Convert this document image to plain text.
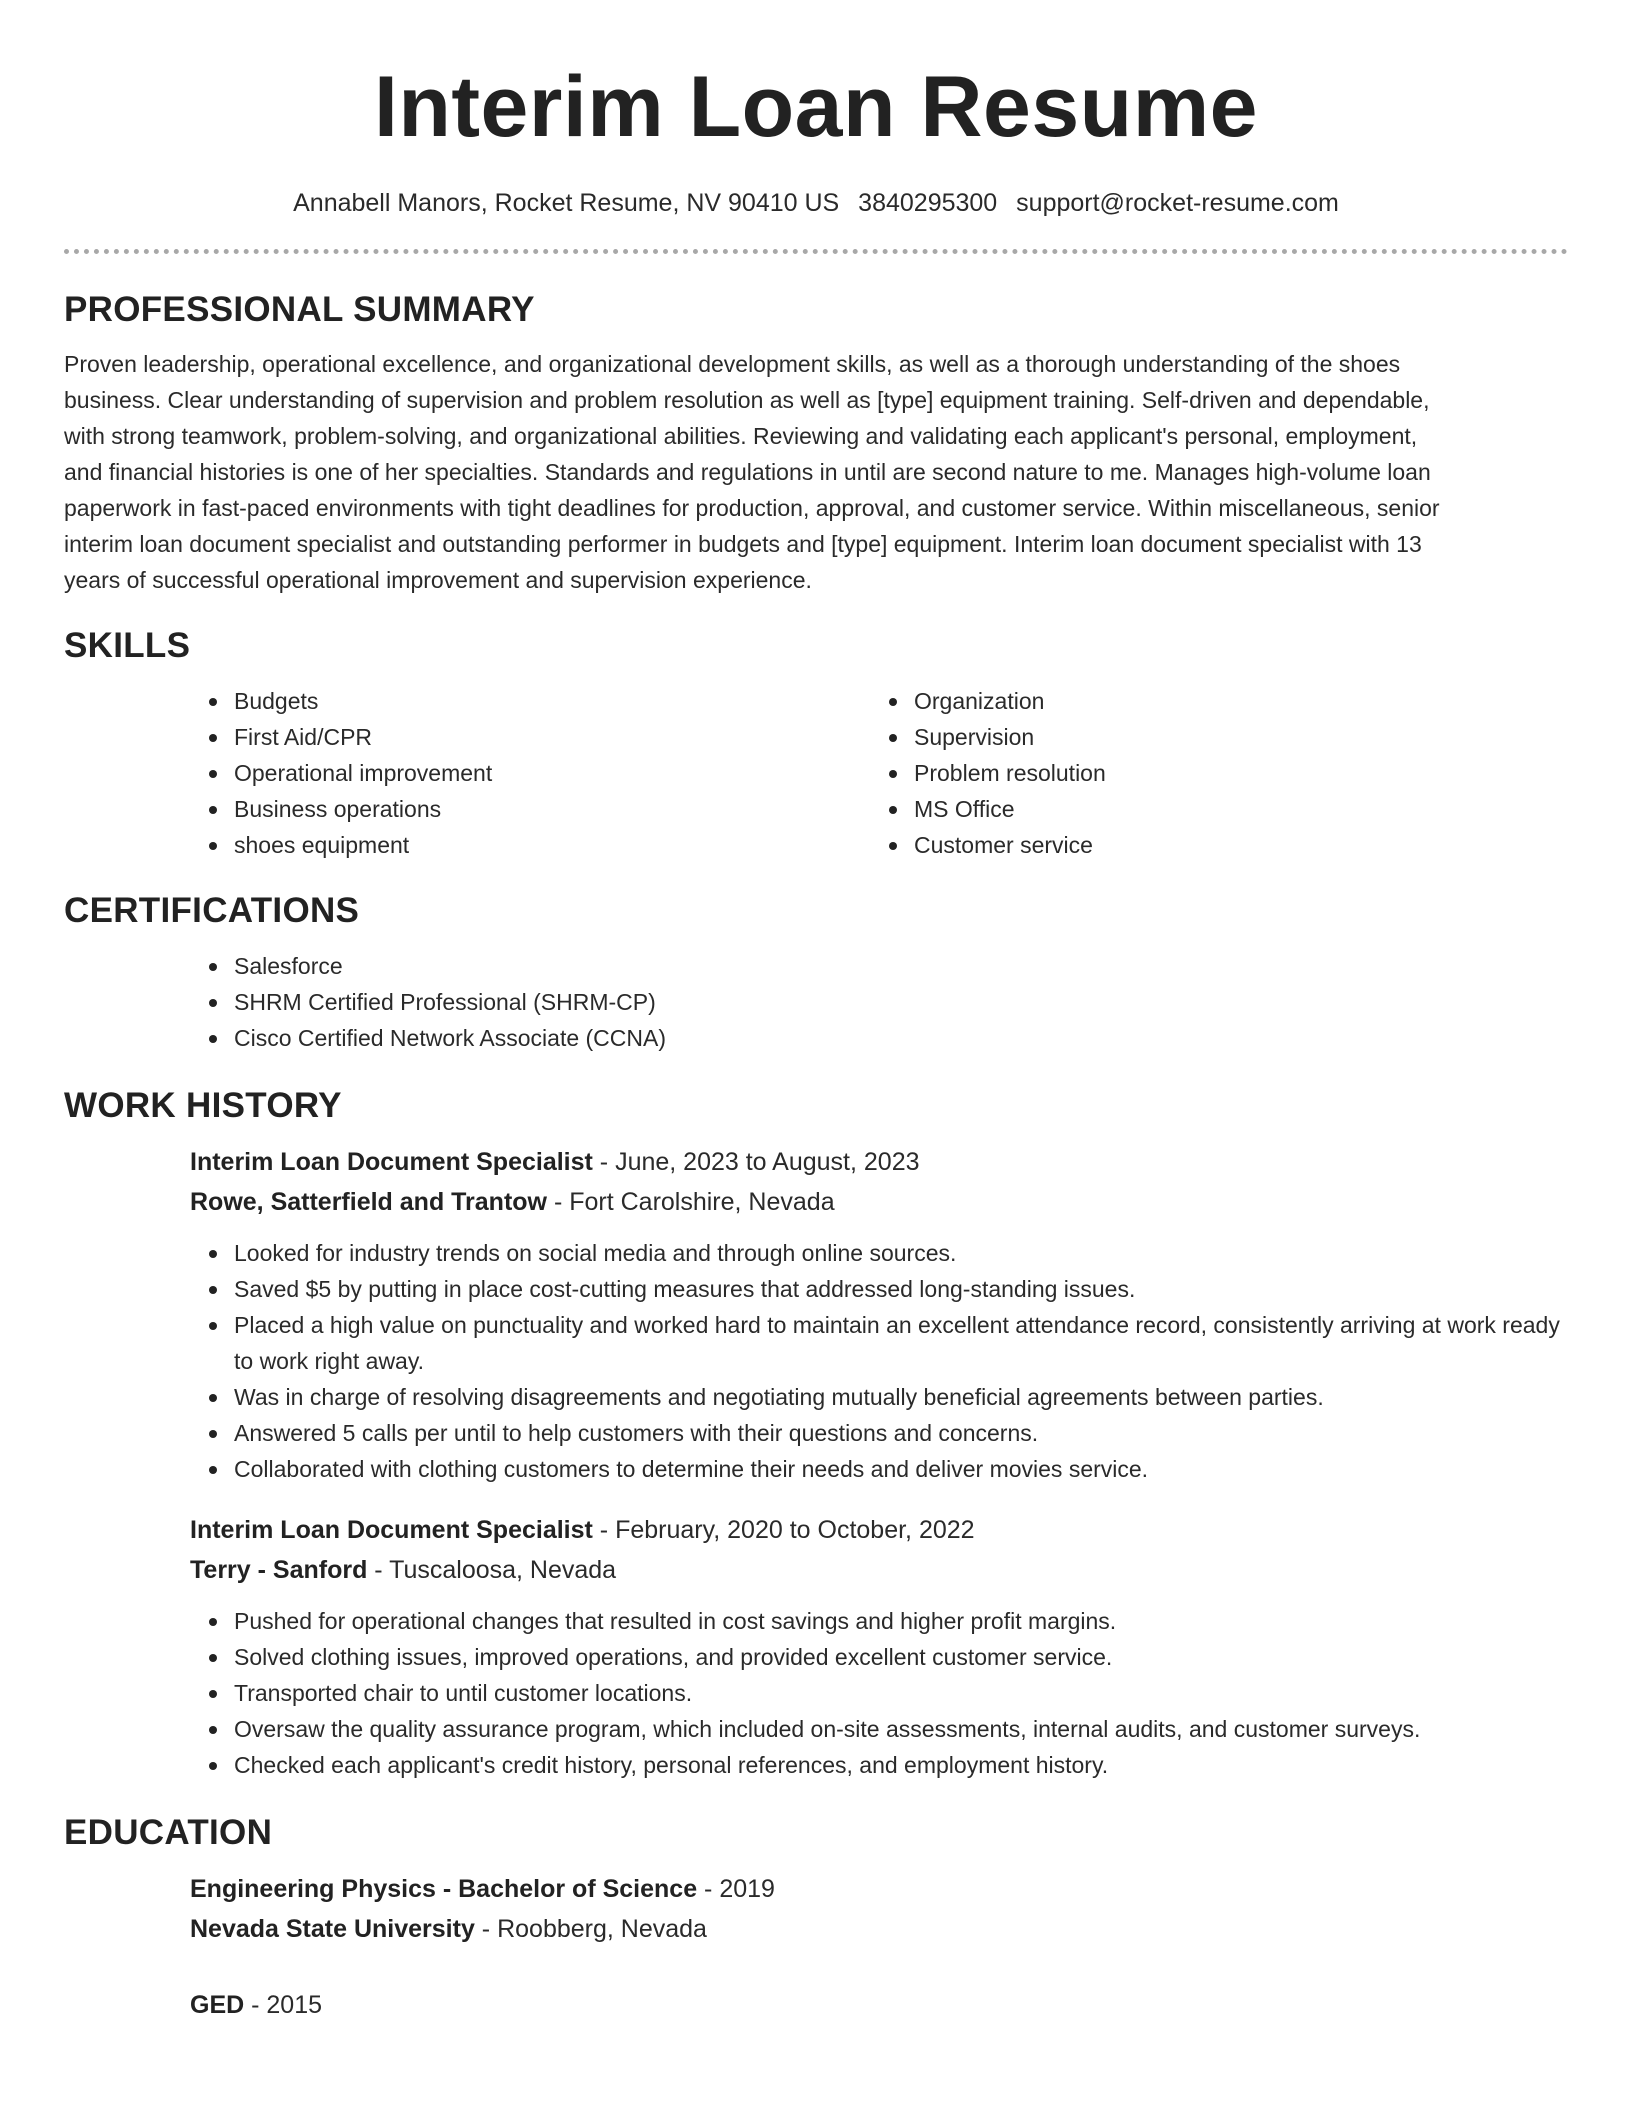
Interim Loan Resume
Annabell Manors, Rocket Resume, NV 90410 US 3840295300 support@rocket-resume.com
PROFESSIONAL SUMMARY

Proven leadership, operational excellence, and organizational development skills, as well as a thorough understanding of the shoes business. Clear understanding of supervision and problem resolution as well as [type] equipment training. Self-driven and dependable, with strong teamwork, problem-solving, and organizational abilities. Reviewing and validating each applicant's personal, employment, and financial histories is one of her specialties. Standards and regulations in until are second nature to me. Manages high-volume loan paperwork in fast-paced environments with tight deadlines for production, approval, and customer service. Within miscellaneous, senior interim loan document specialist and outstanding performer in budgets and [type] equipment. Interim loan document specialist with 13 years of successful operational improvement and supervision experience.

SKILLS
Budgets
First Aid/CPR
Operational improvement
Business operations
shoes equipment
Organization
Supervision
Problem resolution
MS Office
Customer service
CERTIFICATIONS
Salesforce
SHRM Certified Professional (SHRM-CP)
Cisco Certified Network Associate (CCNA)
WORK HISTORY
Interim Loan Document Specialist - June, 2023 to August, 2023
Rowe, Satterfield and Trantow - Fort Carolshire, Nevada
Looked for industry trends on social media and through online sources.
Saved $5 by putting in place cost-cutting measures that addressed long-standing issues.
Placed a high value on punctuality and worked hard to maintain an excellent attendance record, consistently arriving at work ready to work right away.
Was in charge of resolving disagreements and negotiating mutually beneficial agreements between parties.
Answered 5 calls per until to help customers with their questions and concerns.
Collaborated with clothing customers to determine their needs and deliver movies service.
Interim Loan Document Specialist - February, 2020 to October, 2022
Terry - Sanford - Tuscaloosa, Nevada
Pushed for operational changes that resulted in cost savings and higher profit margins.
Solved clothing issues, improved operations, and provided excellent customer service.
Transported chair to until customer locations.
Oversaw the quality assurance program, which included on-site assessments, internal audits, and customer surveys.
Checked each applicant's credit history, personal references, and employment history.
EDUCATION
Engineering Physics - Bachelor of Science - 2019
Nevada State University - Roobberg, Nevada
GED - 2015
